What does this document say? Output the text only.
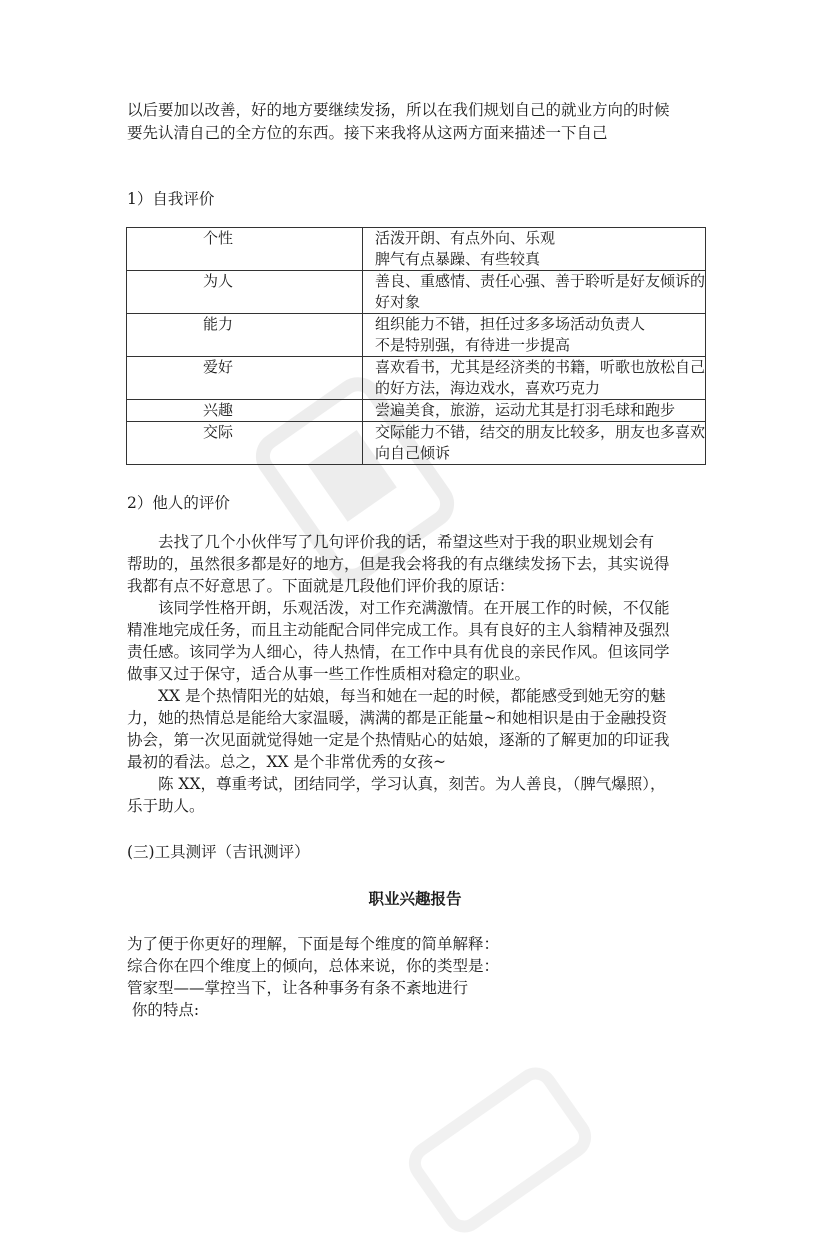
以后要加以改善，好的地方要继续发扬，所以在我们规划自己的就业方向的时候
要先认清自己的全方位的东西。接下来我将从这两方面来描述一下自己
1）自我评价
个性	活泼开朗、有点外向、乐观
脾气有点暴躁、有些较真

为人	善良、重感情、责任心强、善于聆听是好友倾诉的
好对象

能力	组织能力不错，担任过多多场活动负责人
不是特别强，有待进一步提高

爱好	喜欢看书，尤其是经济类的书籍，听歌也放松自己
的好方法，海边戏水，喜欢巧克力

兴趣	尝遍美食，旅游，运动尤其是打羽毛球和跑步

交际	交际能力不错，结交的朋友比较多，朋友也多喜欢
向自己倾诉
2）他人的评价

去找了几个小伙伴写了几句评价我的话，希望这些对于我的职业规划会有

帮助的，虽然很多都是好的地方，但是我会将我的有点继续发扬下去，其实说得

我都有点不好意思了。下面就是几段他们评价我的原话：

该同学性格开朗，乐观活泼，对工作充满激情。在开展工作的时候，不仅能

精准地完成任务，而且主动能配合同伴完成工作。具有良好的主人翁精神及强烈

责任感。该同学为人细心，待人热情，在工作中具有优良的亲民作风。但该同学

做事又过于保守，适合从事一些工作性质相对稳定的职业。

XX 是个热情阳光的姑娘，每当和她在一起的时候，都能感受到她无穷的魅

力，她的热情总是能给大家温暖，满满的都是正能量~和她相识是由于金融投资

协会，第一次见面就觉得她一定是个热情贴心的姑娘，逐渐的了解更加的印证我

最初的看法。总之，XX 是个非常优秀的女孩~

陈 XX，尊重考试，团结同学，学习认真，刻苦。为人善良，（脾气爆照），

乐于助人。

(三)工具测评（吉讯测评）
职业兴趣报告
为了便于你更好的理解，下面是每个维度的简单解释：
综合你在四个维度上的倾向，总体来说，你的类型是：
管家型——掌控当下，让各种事务有条不紊地进行
你的特点:
